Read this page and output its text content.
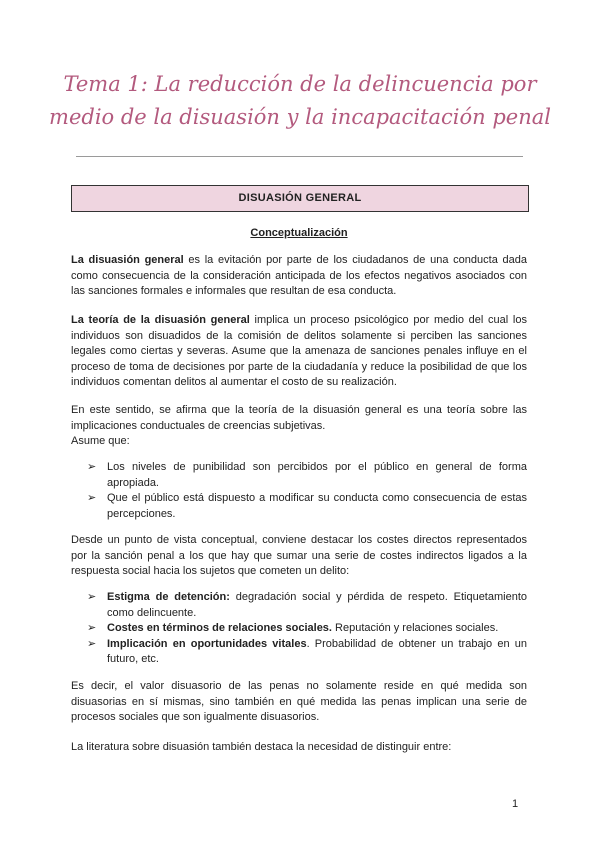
Tema 1: La reducción de la delincuencia por medio de la disuasión y la incapacitación penal
DISUASIÓN GENERAL
Conceptualización

La disuasión general es la evitación por parte de los ciudadanos de una conducta dada como consecuencia de la consideración anticipada de los efectos negativos asociados con las sanciones formales e informales que resultan de esa conducta.

La teoría de la disuasión general implica un proceso psicológico por medio del cual los individuos son disuadidos de la comisión de delitos solamente si perciben las sanciones legales como ciertas y severas. Asume que la amenaza de sanciones penales influye en el proceso de toma de decisiones por parte de la ciudadanía y reduce la posibilidad de que los individuos comentan delitos al aumentar el costo de su realización.

En este sentido, se afirma que la teoría de la disuasión general es una teoría sobre las implicaciones conductuales de creencias subjetivas.
Asume que:

➢ Los niveles de punibilidad son percibidos por el público en general de forma apropiada.
➢ Que el público está dispuesto a modificar su conducta como consecuencia de estas percepciones.

Desde un punto de vista conceptual, conviene destacar los costes directos representados por la sanción penal a los que hay que sumar una serie de costes indirectos ligados a la respuesta social hacia los sujetos que cometen un delito:

➢ Estigma de detención: degradación social y pérdida de respeto. Etiquetamiento como delincuente.
➢ Costes en términos de relaciones sociales. Reputación y relaciones sociales.
➢ Implicación en oportunidades vitales. Probabilidad de obtener un trabajo en un futuro, etc.

Es decir, el valor disuasorio de las penas no solamente reside en qué medida son disuasorias en sí mismas, sino también en qué medida las penas implican una serie de procesos sociales que son igualmente disuasorios.

La literatura sobre disuasión también destaca la necesidad de distinguir entre:

1
